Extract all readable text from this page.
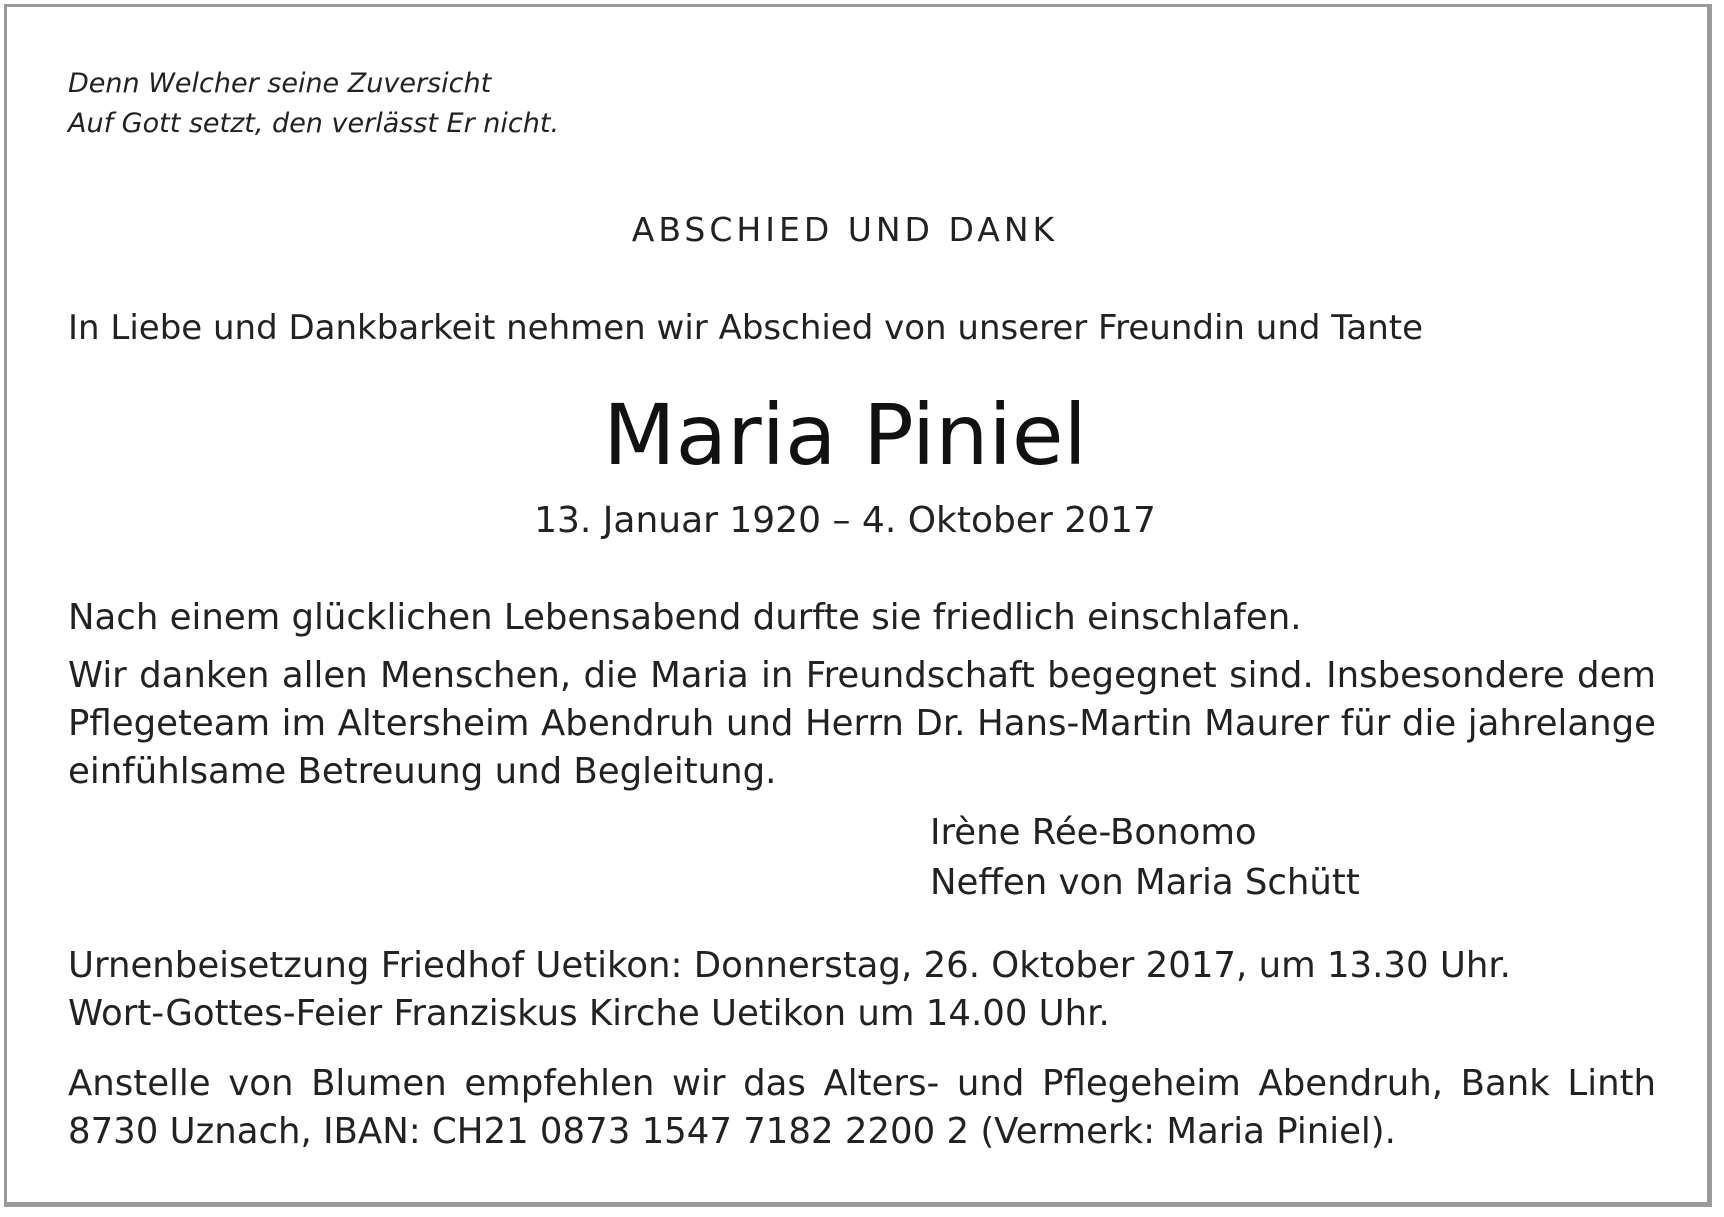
Denn Welcher seine Zuversicht
Auf Gott setzt, den verlässt Er nicht.
ABSCHIED UND DANK
In Liebe und Dankbarkeit nehmen wir Abschied von unserer Freundin und Tante
Maria Piniel
13. Januar 1920 – 4. Oktober 2017
Nach einem glücklichen Lebensabend durfte sie friedlich einschlafen.
Wir danken allen Menschen, die Maria in Freundschaft begegnet sind. Insbesondere dem
Pflegeteam im Altersheim Abendruh und Herrn Dr. Hans-Martin Maurer für die jahrelange
einfühlsame Betreuung und Begleitung.
Irène Rée-Bonomo
Neffen von Maria Schütt
Urnenbeisetzung Friedhof Uetikon: Donnerstag, 26. Oktober 2017, um 13.30 Uhr.
Wort-Gottes-Feier Franziskus Kirche Uetikon um 14.00 Uhr.
Anstelle von Blumen empfehlen wir das Alters- und Pflegeheim Abendruh, Bank Linth
8730 Uznach, IBAN: CH21 0873 1547 7182 2200 2 (Vermerk: Maria Piniel).
